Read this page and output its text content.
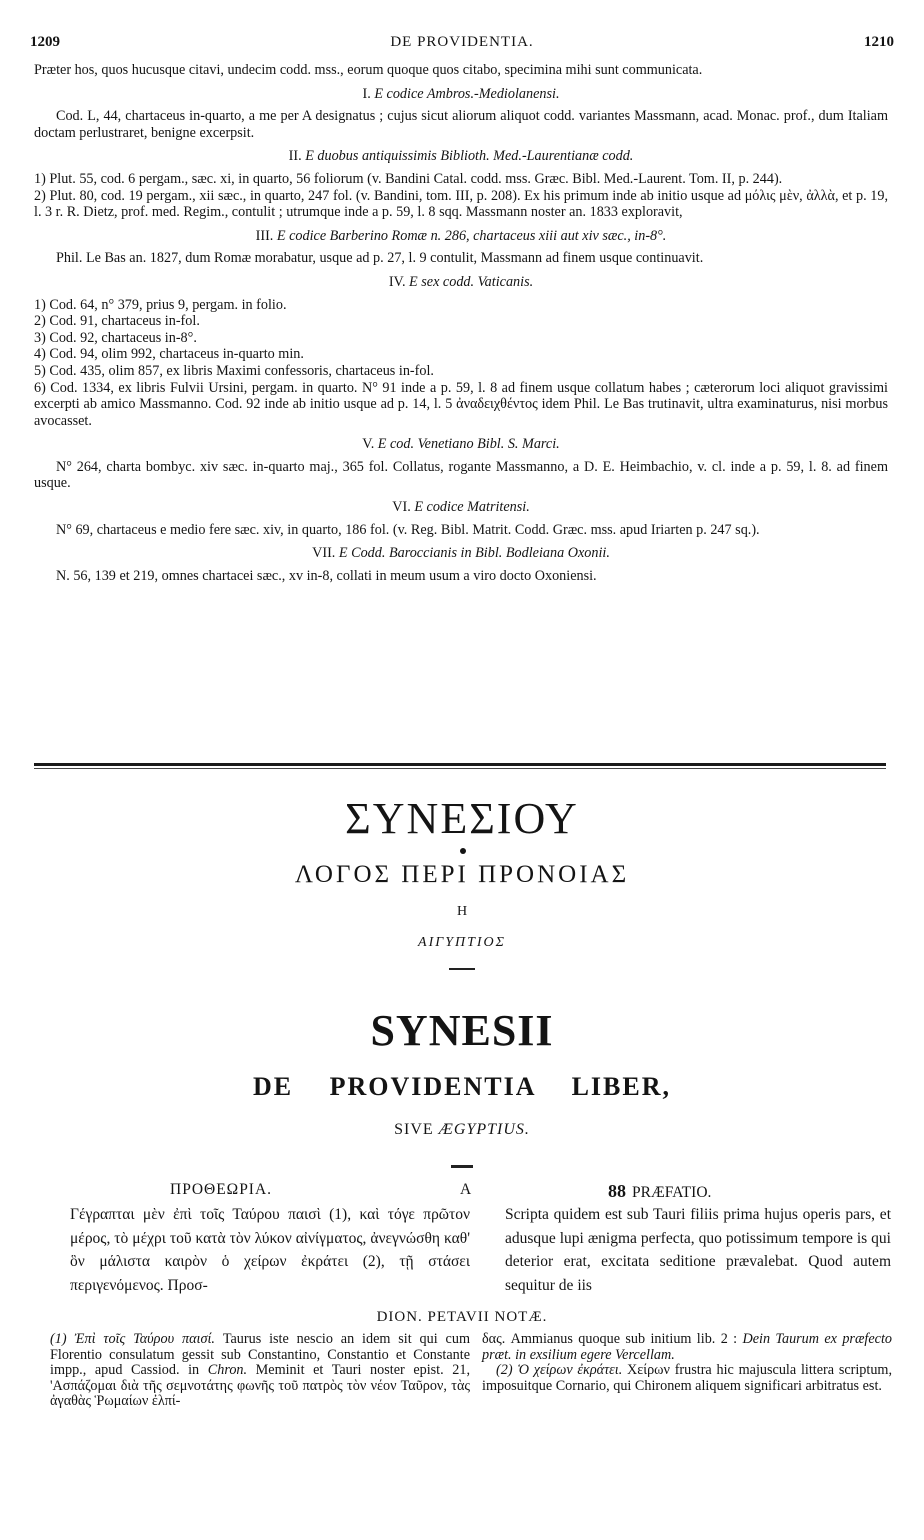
1209	DE PROVIDENTIA.	1210

Præter hos, quos hucusque citavi, undecim codd. mss., eorum quoque quos citabo, specimina mihi sunt communicata.

I. E codice Ambros.-Mediolanensi.

Cod. L, 44, chartaceus in-quarto, a me per A designatus ; cujus sicut aliorum aliquot codd. variantes Massmann, acad. Monac. prof., dum Italiam doctam perlustraret, benigne excerpsit.

II. E duobus antiquissimis Biblioth. Med.-Laurentianæ codd.
1) Plut. 55, cod. 6 pergam., sæc. xi, in quarto, 56 foliorum (v. Bandini Catal. codd. mss. Græc. Bibl. Med.-Laurent. Tom. II, p. 244).
2) Plut. 80, cod. 19 pergam., xii sæc., in quarto, 247 fol. (v. Bandini, tom. III, p. 208). Ex his primum inde ab initio usque ad μόλις μὲν, ἀλλὰ, et p. 19, l. 3 r. R. Dietz, prof. med. Regim., contulit ; utrumque inde a p. 59, l. 8 sqq. Massmann noster an. 1833 exploravit,
III. E codice Barberino Romæ n. 286, chartaceus xiii aut xiv sæc., in-8°.

Phil. Le Bas an. 1827, dum Romæ morabatur, usque ad p. 27, l. 9 contulit, Massmann ad finem usque continuavit.

IV. E sex codd. Vaticanis.
1) Cod. 64, n° 379, prius 9, pergam. in folio.
2) Cod. 91, chartaceus in-fol.
3) Cod. 92, chartaceus in-8°.
4) Cod. 94, olim 992, chartaceus in-quarto min.
5) Cod. 435, olim 857, ex libris Maximi confessoris, chartaceus in-fol.
6) Cod. 1334, ex libris Fulvii Ursini, pergam. in quarto. N° 91 inde a p. 59, l. 8 ad finem usque collatum habes ; cæterorum loci aliquot gravissimi excerpti ab amico Massmanno. Cod. 92 inde ab initio usque ad p. 14, l. 5 ἀναδειχθέντος idem Phil. Le Bas trutinavit, ultra examinaturus, nisi morbus avocasset.
V. E cod. Venetiano Bibl. S. Marci.

N° 264, charta bombyc. xiv sæc. in-quarto maj., 365 fol. Collatus, rogante Massmanno, a D. E. Heimbachio, v. cl. inde a p. 59, l. 8. ad finem usque.

VI. E codice Matritensi.

N° 69, chartaceus e medio fere sæc. xiv, in quarto, 186 fol. (v. Reg. Bibl. Matrit. Codd. Græc. mss. apud Iriarten p. 247 sq.).

VII. E Codd. Baroccianis in Bibl. Bodleiana Oxonii.

N. 56, 139 et 219, omnes chartacei sæc., xv in-8, collati in meum usum a viro docto Oxoniensi.

ΣΥΝΕΣΙΟΥ
ΛΟΓΟΣ ΠΕΡΙ ΠΡΟΝΟΙΑΣ
Η
ΑΙΓΥΠΤΙΟΣ
SYNESII
DE PROVIDENTIA LIBER,
SIVE ÆGYPTIUS.
ΠΡΟΘΕΩΡΙΑ.	A	88 PRÆFATIO.
Γέγραπται μὲν ἐπὶ τοῖς Ταύρου παισὶ (1), καὶ τόγε πρῶτον μέρος, τὸ μέχρι τοῦ κατὰ τὸν λύκον αἰνίγματος, ἀνεγνώσθη καθ' ὃν μάλιστα καιρὸν ὁ χείρων ἐκράτει (2), τῇ στάσει περιγενόμενος. Προσ-
Scripta quidem est sub Tauri filiis prima hujus operis pars, et adusque lupi ænigma perfecta, quo potissimum tempore is qui deterior erat, excitata seditione prævalebat. Quod autem sequitur de iis
DION. PETAVII NOTÆ.
(1) Ἐπὶ τοῖς Ταύρου παισί. Taurus iste nescio an idem sit qui cum Florentio consulatum gessit sub Constantino, Constantio et Constante impp., apud Cassiod. in Chron. Meminit et Tauri noster epist. 21, 'Ασπάζομαι διὰ τῆς σεμνοτάτης φωνῆς τοῦ πατρὸς τὸν νέον Ταῦρον, τὰς ἀγαθὰς Ῥωμαίων ἐλπί-
δας. Ammianus quoque sub initium lib. 2 : Dein Taurum ex præfecto præt. in exsilium egere Vercellam.
(2) Ὁ χείρων ἐκράτει. Χείρων frustra hic majuscula littera scriptum, imposuitque Cornario, qui Chironem aliquem significari arbitratus est.
